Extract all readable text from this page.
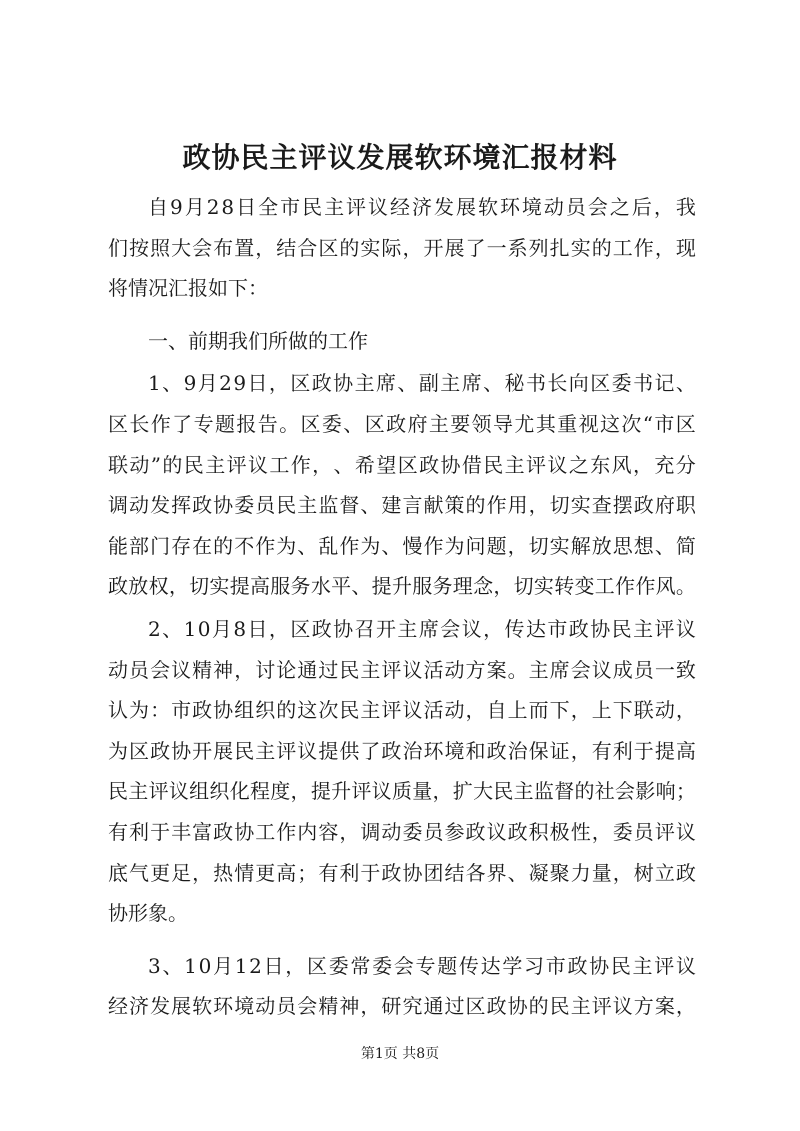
政协民主评议发展软环境汇报材料
自 9 月 2 8 日 全 市 民 主 评 议 经 济 发 展 软 环 境 动 员 会 之 后 ， 我
们 按 照 大 会 布 置 ， 结 合 区 的 实 际 ， 开 展 了 一 系 列 扎 实 的 工 作 ， 现
将情况汇报如下：
一、前期我们所做的工作
1 、 9 月 2 9 日 ， 区 政 协 主 席 、 副 主 席 、 秘 书 长 向 区 委 书 记 、
区 长 作 了 专 题 报 告 。 区 委 、 区 政 府 主 要 领 导 尤 其 重 视 这 次 “ 市 区
联 动 ” 的 民 主 评 议 工 作 ， 、 希 望 区 政 协 借 民 主 评 议 之 东 风 ， 充 分
调 动 发 挥 政 协 委 员 民 主 监 督 、 建 言 献 策 的 作 用 ， 切 实 查 摆 政 府 职
能 部 门 存 在 的 不 作 为 、 乱 作 为 、 慢 作 为 问 题 ， 切 实 解 放 思 想 、 简
政 放 权 ， 切 实 提 高 服 务 水 平 、 提 升 服 务 理 念 ， 切 实 转 变 工 作 作 风 。
2 、 1 0 月 8 日 ， 区 政 协 召 开 主 席 会 议 ， 传 达 市 政 协 民 主 评 议
动 员 会 议 精 神 ， 讨 论 通 过 民 主 评 议 活 动 方 案 。 主 席 会 议 成 员 一 致
认 为 ： 市 政 协 组 织 的 这 次 民 主 评 议 活 动 ， 自 上 而 下 ， 上 下 联 动 ，
为 区 政 协 开 展 民 主 评 议 提 供 了 政 治 环 境 和 政 治 保 证 ， 有 利 于 提 高
民 主 评 议 组 织 化 程 度 ， 提 升 评 议 质 量 ， 扩 大 民 主 监 督 的 社 会 影 响 ；
有 利 于 丰 富 政 协 工 作 内 容 ， 调 动 委 员 参 政 议 政 积 极 性 ， 委 员 评 议
底 气 更 足 ， 热 情 更 高 ； 有 利 于 政 协 团 结 各 界 、 凝 聚 力 量 ， 树 立 政
协形象。
3 、 1 0 月 1 2 日 ， 区 委 常 委 会 专 题 传 达 学 习 市 政 协 民 主 评 议
经 济 发 展 软 环 境 动 员 会 精 神 ， 研 究 通 过 区 政 协 的 民 主 评 议 方 案 ，
第1页 共8页
